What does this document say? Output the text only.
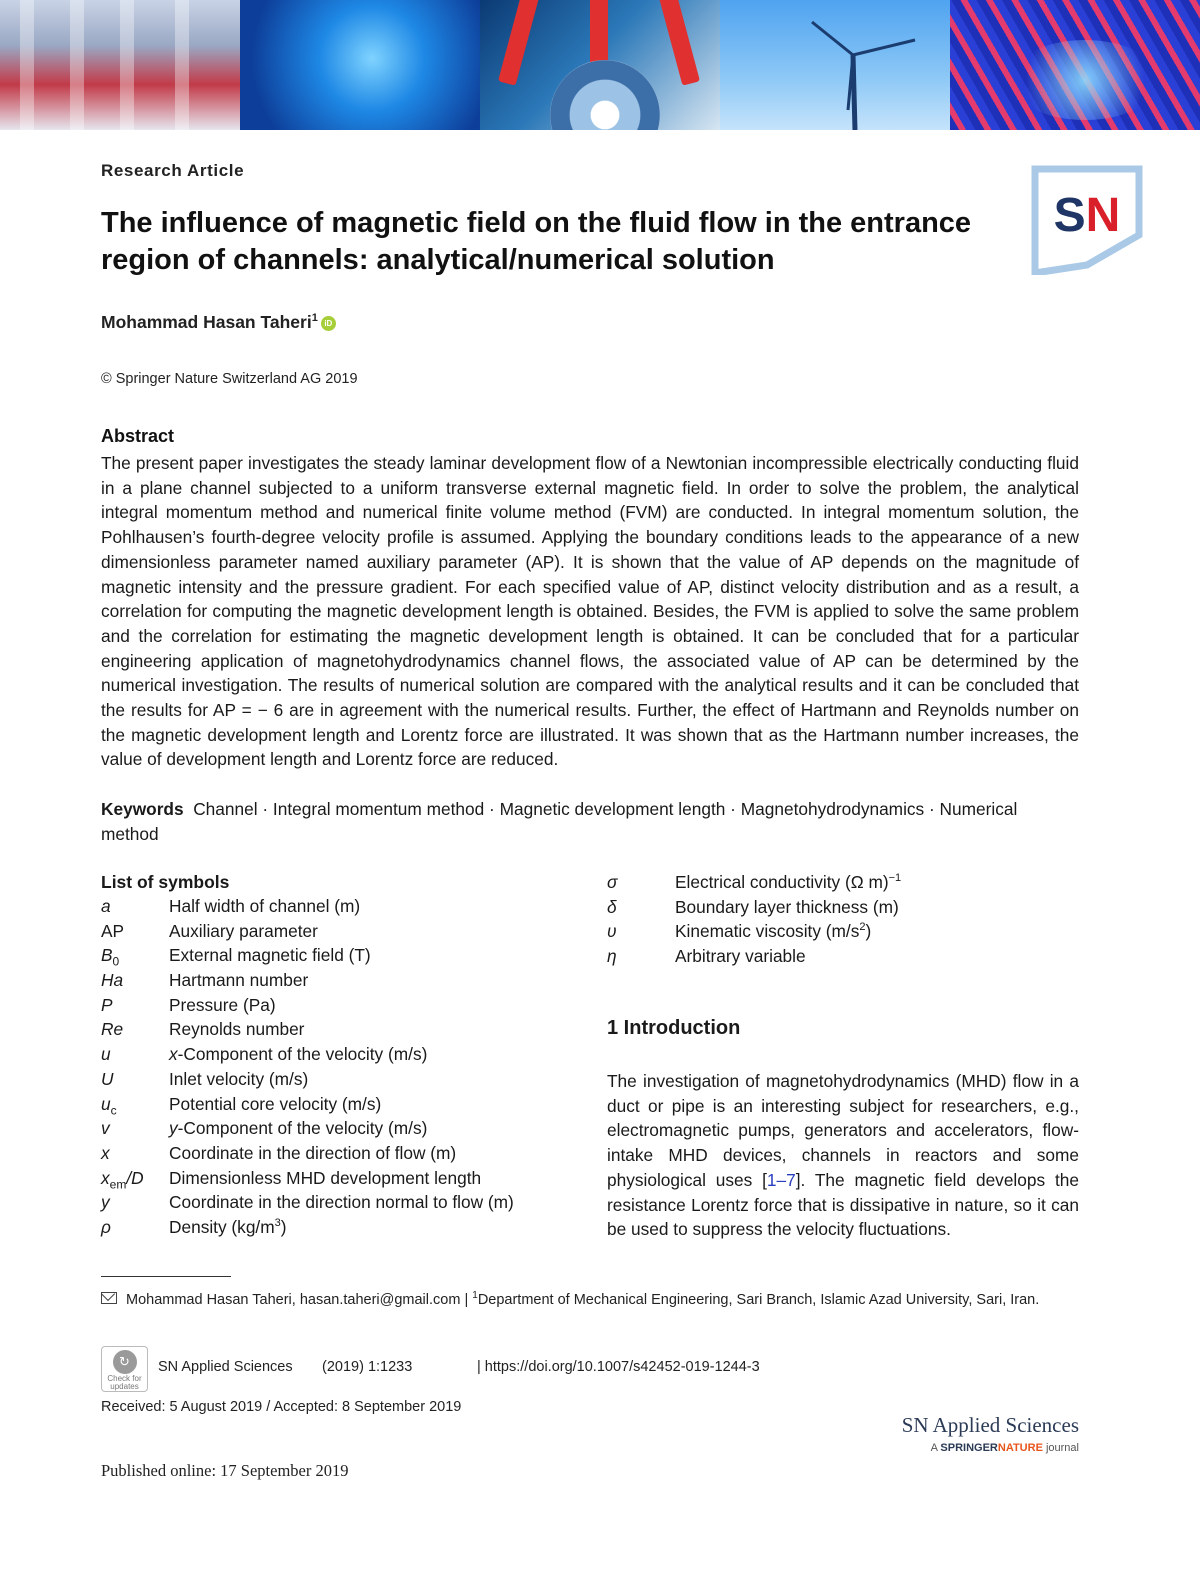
Research Article
The influence of magnetic field on the fluid flow in the entrance region of channels: analytical/numerical solution
SN
Mohammad Hasan Taheri$^1$ iD
© Springer Nature Switzerland AG 2019
Abstract
The present paper investigates the steady laminar development flow of a Newtonian incompressible electrically conducting fluid in a plane channel subjected to a uniform transverse external magnetic field. In order to solve the problem, the analytical integral momentum method and numerical finite volume method (FVM) are conducted. In integral momentum solution, the Pohlhausen’s fourth-degree velocity profile is assumed. Applying the boundary conditions leads to the appearance of a new dimensionless parameter named auxiliary parameter (AP). It is shown that the value of AP depends on the magnitude of magnetic intensity and the pressure gradient. For each specified value of AP, distinct velocity distribution and as a result, a correlation for computing the magnetic development length is obtained. Besides, the FVM is applied to solve the same problem and the correlation for estimating the magnetic development length is obtained. It can be concluded that for a particular engineering application of magnetohydrodynamics channel flows, the associated value of AP can be determined by the numerical investigation. The results of numerical solution are compared with the analytical results and it can be concluded that the results for AP = − 6 are in agreement with the numerical results. Further, the effect of Hartmann and Reynolds number on the magnetic development length and Lorentz force are illustrated. It was shown that as the Hartmann number increases, the value of development length and Lorentz force are reduced.
Keywords Channel · Integral momentum method · Magnetic development length · Magnetohydrodynamics · Numerical method
List of symbols
a	Half width of channel (m)
AP	Auxiliary parameter
$B_0$	External magnetic field (T)
Ha	Hartmann number
P	Pressure (Pa)
Re	Reynolds number
u	x-Component of the velocity (m/s)
U	Inlet velocity (m/s)
$u_c$	Potential core velocity (m/s)
v	y-Component of the velocity (m/s)
x	Coordinate in the direction of flow (m)
$x_{em}/D$	Dimensionless MHD development length
y	Coordinate in the direction normal to flow (m)
ρ	Density $(kg/m^3)$
σ	Electrical conductivity (Ω m)$^{-1}$
δ	Boundary layer thickness (m)
υ	Kinematic viscosity $(m/s^2)$
η	Arbitrary variable
1 Introduction
The investigation of magnetohydrodynamics (MHD) flow in a duct or pipe is an interesting subject for researchers, e.g., electromagnetic pumps, generators and accelerators, flow-intake MHD devices, channels in reactors and some physiological uses [1–7]. The magnetic field develops the resistance Lorentz force that is dissipative in nature, so it can be used to suppress the velocity fluctuations.
Mohammad Hasan Taheri, hasan.taheri@gmail.com | $^1$Department of Mechanical Engineering, Sari Branch, Islamic Azad University, Sari, Iran.
↻
Check for updates
SN Applied Sciences (2019) 1:1233	| https://doi.org/10.1007/s42452-019-1244-3
Received: 5 August 2019 / Accepted: 8 September 2019
Published online: 17 September 2019
SN Applied Sciences
A SPRINGERNATURE journal
